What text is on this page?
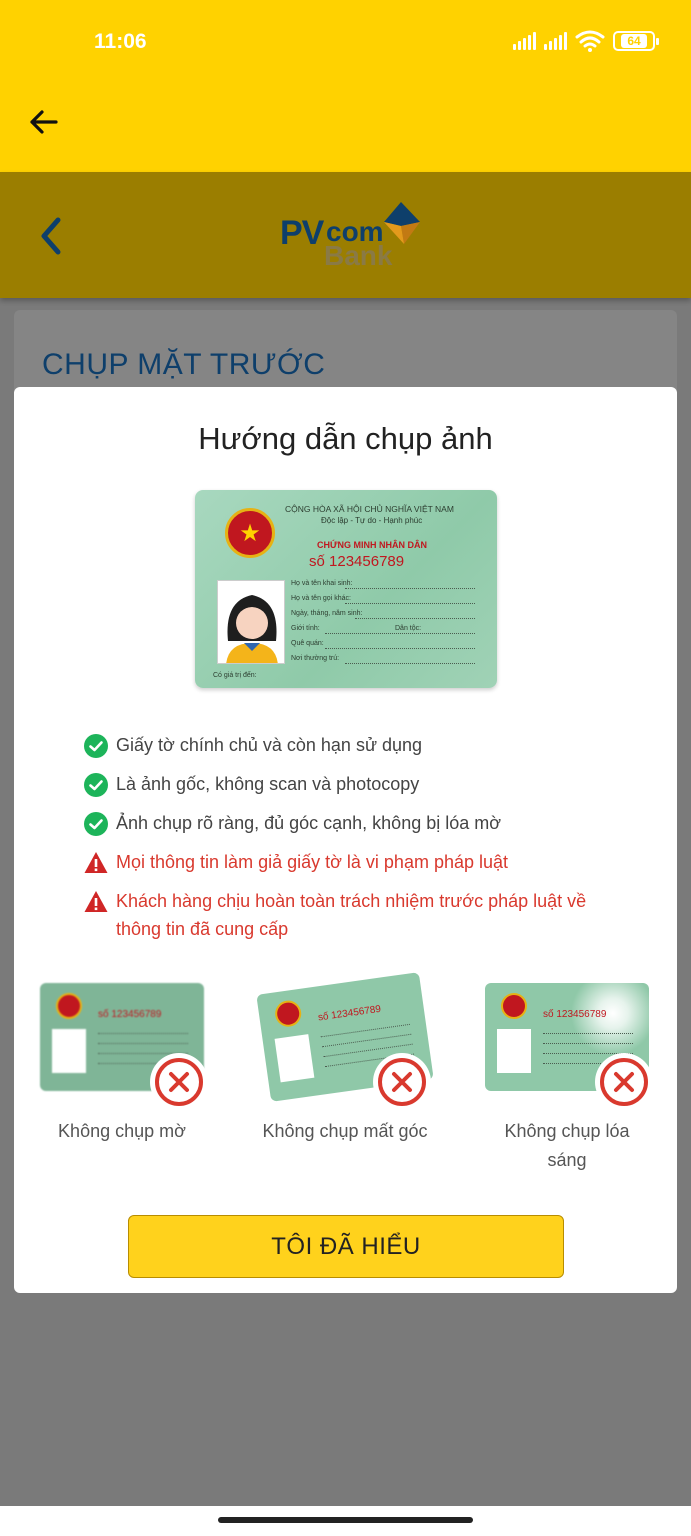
11:06	64
PV com
Bank
CHỤP MẶT TRƯỚC
Hướng dẫn chụp ảnh
★
CỘNG HÒA XÃ HỘI CHỦ NGHĨA VIỆT NAM
Độc lập - Tự do - Hạnh phúc
CHỨNG MINH NHÂN DÂN
số 123456789
Họ và tên khai sinh:
Họ và tên gọi khác:
Ngày, tháng, năm sinh:
Giới tính:	Dân tộc:
Quê quán:
Nơi thường trú:
Có giá trị đến:
Giấy tờ chính chủ và còn hạn sử dụng
Là ảnh gốc, không scan và photocopy
Ảnh chụp rõ ràng, đủ góc cạnh, không bị lóa mờ
Mọi thông tin làm giả giấy tờ là vi phạm pháp luật
Khách hàng chịu hoàn toàn trách nhiệm trước pháp luật về thông tin đã cung cấp
số 123456789
Không chụp mờ
số 123456789
Không chụp mất góc
số 123456789
Không chụp lóa sáng
TÔI ĐÃ HIỂU
